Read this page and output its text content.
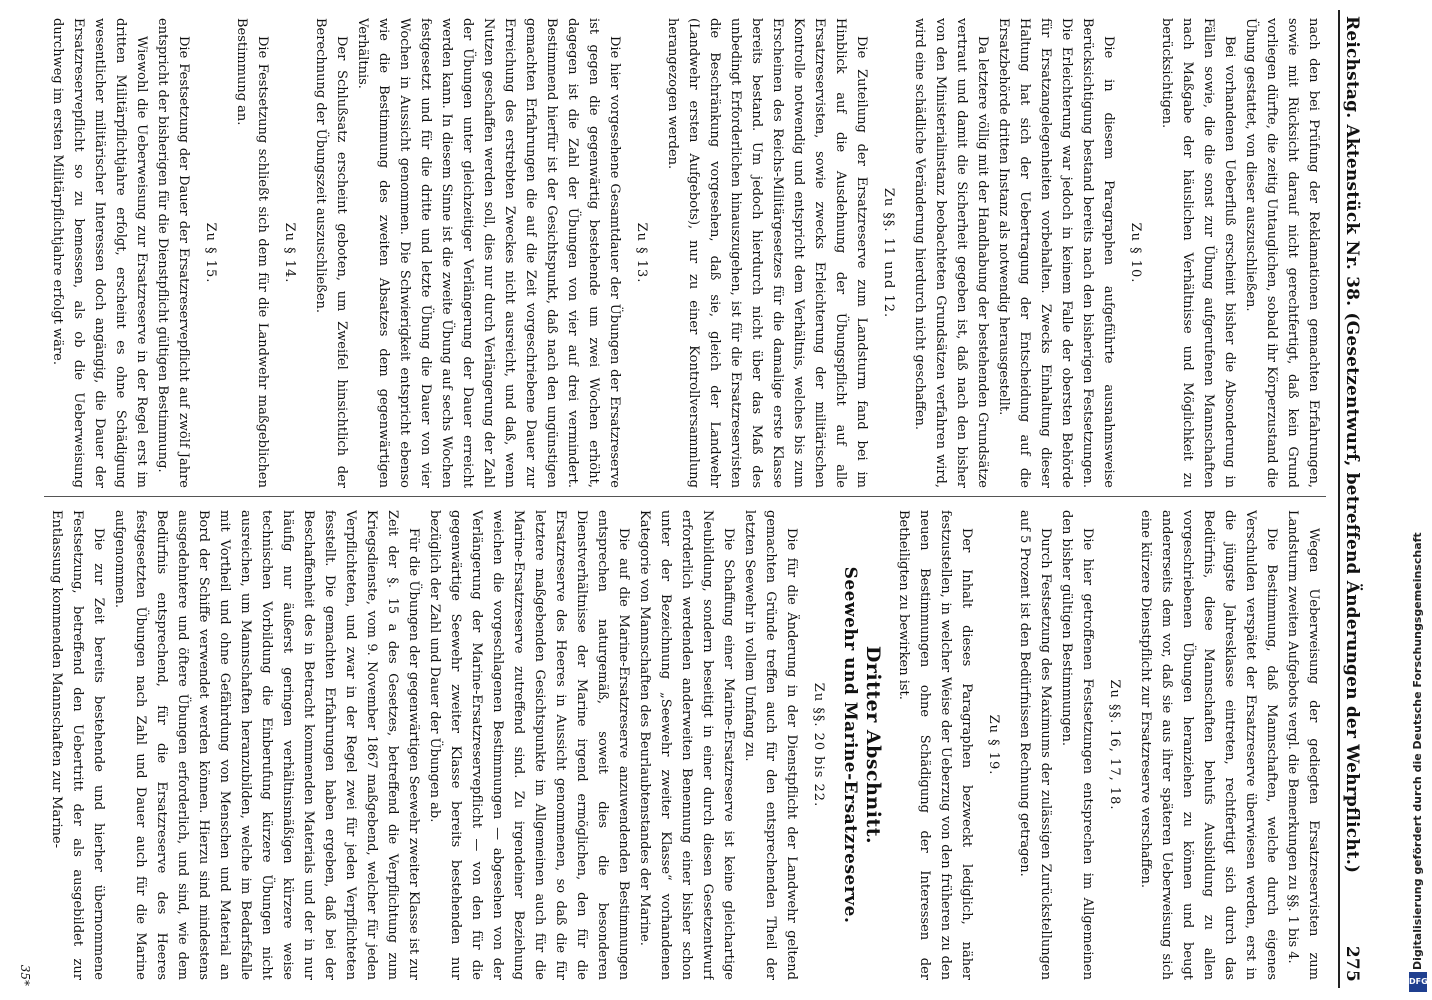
Reichstag. Aktenstück Nr. 38. (Gesetzentwurf, betreffend Änderungen der Wehrpflicht.)
275

nach den bei Prüfung der Reklamationen gemachten Erfahrungen, sowie mit Rücksicht darauf nicht gerechtfertigt, daß kein Grund vorliegen dürfte, die zeitig Untauglichen, sobald ihr Körperzustand die Übung gestattet, von dieser auszuschließen.

Bei vorhandenen Ueberfluß erscheint bisher die Absonderung in Fällen sowie, die die sonst zur Übung aufgerufenen Mannschaften nach Maßgabe der häuslichen Verhältnisse und Möglichkeit zu berücksichtigen.

Zu § 10.

Die in diesem Paragraphen aufgeführte ausnahmsweise Berücksichtigung bestand bereits nach den bisherigen Festsetzungen. Die Erleichterung war jedoch in keinem Falle der obersten Behörde für Ersatzangelegenheiten vorbehalten. Zwecks Einhaltung dieser Haltung hat sich der Uebertragung der Entscheidung auf die Ersatzbehörde dritten Instanz als notwendig herausgestellt.

Da letztere völlig mit der Handhabung der bestehenden Grundsätze vertraut und damit die Sicherheit gegeben ist, daß nach den bisher von den Ministerialinstanz beobachteten Grundsätzen verfahren wird, wird eine schädliche Veränderung hierdurch nicht geschaffen.

Zu §§. 11 und 12.

Die Zuteilung der Ersatzreserve zum Landsturm fand bei im Hinblick auf die Ausdehnung der Übungspflicht auf alle Ersatzreservisten, sowie zwecks Erleichterung der militärischen Kontrolle notwendig und entspricht dem Verhältnis, welches bis zum Erscheinen des Reichs-Militärgesetzes für die damalige erste Klasse bereits bestand. Um jedoch hierdurch nicht über das Maß des unbedingt Erforderlichen hinauszugehen, ist für die Ersatzreservisten die Beschränkung vorgesehen, daß sie, gleich der Landwehr (Landwehr ersten Aufgebots), nur zu einer Kontrollversammlung herangezogen werden.

Zu § 13.

Die hier vorgesehene Gesamtdauer der Übungen der Ersatzreserve ist gegen die gegenwärtig bestehende um zwei Wochen erhöht, dagegen ist die Zahl der Übungen von vier auf drei vermindert. Bestimmend hierfür ist der Gesichtspunkt, daß nach den ungünstigen gemachten Erfahrungen die auf die Zeit vorgeschriebene Dauer zur Erreichung des erstrebten Zweckes nicht ausreicht, und daß, wenn Nutzen geschaffen werden soll, dies nur durch Verlängerung der Zahl der Übungen unter gleichzeitiger Verlängerung der Dauer erreicht werden kann. In diesem Sinne ist die zweite Übung auf sechs Wochen festgesetzt und für die dritte und letzte Übung die Dauer von vier Wochen in Aussicht genommen. Die Schwierigkeit entspricht ebenso wie die Bestimmung des zweiten Absatzes dem gegenwärtigen Verhältnis.

Der Schlußsatz erscheint geboten, um Zweifel hinsichtlich der Berechnung der Übungszeit auszuschließen.

Zu § 14.

Die Festsetzung schließt sich dem für die Landwehr maßgeblichen Bestimmung an.

Zu § 15.

Die Festsetzung der Dauer der Ersatzreservepflicht auf zwölf Jahre entspricht der bisherigen für die Dienstpflicht gültigen Bestimmung.

Wiewohl die Ueberweisung zur Ersatzreserve in der Regel erst im dritten Militärpflichtjahre erfolgt, erscheint es ohne Schädigung wesentlicher militärischer Interessen doch angängig, die Dauer der Ersatzreservepflicht so zu bemessen, als ob die Ueberweisung durchweg im ersten Militärpflichtjahre erfolgt wäre.

Wegen Ueberweisung der gediegten Ersatzreservisten zum Landsturm zweiten Aufgebots vergl. die Bemerkungen zu §§. 1 bis 4.

Die Bestimmung, daß Mannschaften, welche durch eigenes Verschulden verspätet der Ersatzreserve überwiesen werden, erst in die jüngste Jahresklasse eintreten, rechtfertigt sich durch das Bedürfnis, diese Mannschaften behufs Ausbildung zu allen vorgeschriebenen Übungen heranziehen zu können und beugt andererseits dem vor, daß sie aus ihrer späteren Ueberweisung sich eine kürzere Dienstpflicht zur Ersatzreserve verschaffen.

Zu §§. 16, 17, 18.

Die hier getroffenen Festsetzungen entsprechen im Allgemeinen den bisher gültigen Bestimmungen.

Durch Festsetzung des Maximums der zulässigen Zurückstellungen auf 5 Prozent ist den Bedürfnissen Rechnung getragen.

Zu § 19.

Der Inhalt dieses Paragraphen bezweckt lediglich, näher festzustellen, in welcher Weise der Ueberzug von den früheren zu den neuen Bestimmungen ohne Schädigung der Interessen der Betheiligten zu bewirken ist.

Dritter Abschnitt.
Seewehr und Marine-Ersatzreserve.
Zu §§. 20 bis 22.

Die für die Änderung in der Dienstpflicht der Landwehr geltend gemachten Gründe treffen auch für den entsprechenden Theil der letzten Seewehr in vollem Umfang zu.

Die Schaffung einer Marine-Ersatzreserve ist keine gleichartige Neubildung, sondern beseitigt in einer durch diesen Gesetzentwurf erforderlich werdenden anderweiten Benennung einer bisher schon unter der Bezeichnung „Seewehr zweiter Klasse“ vorhandenen Kategorie von Mannschaften des Beurlaubtenstandes der Marine.

Die auf die Marine-Ersatzreserve anzuwendenden Bestimmungen entsprechen naturgemäß, soweit dies die besonderen Dienstverhältnisse der Marine irgend ermöglichen, den für die Ersatzreserve des Heeres in Aussicht genommenen, so daß die für letztere maßgebenden Gesichtspunkte im Allgemeinen auch für die Marine-Ersatzreserve zutreffend sind. Zu irgendeiner Beziehung weichen die vorgeschlagenen Bestimmungen — abgesehen von der Verlängerung der Marine-Ersatzreservepflicht — von den für die gegenwärtige Seewehr zweiter Klasse bereits bestehenden nur bezüglich der Zahl und Dauer der Übungen ab.

Für die Übungen der gegenwärtigen Seewehr zweiter Klasse ist zur Zeit der §. 15 a des Gesetzes, betreffend die Verpflichtung zum Kriegsdienste, vom 9. November 1867 maßgebend, welcher für jeden Verpflichteten, und zwar in der Regel zwei für jeden Verpflichteten fesstellt. Die gemachten Erfahrungen haben ergeben, daß bei der Beschaffenheit des in Betracht kommenden Materials und der in nur häufig nur äußerst geringen verhältnismäßigen kürzere weise technischen Vorbildung die Einberufung kürzere Übungen nicht ausreichen, um Mannschaften heranzubilden, welche im Bedarfsfalle mit Vortheil und ohne Gefährdung von Menschen und Material an Bord der Schiffe verwendet werden können. Hierzu sind mindestens ausgedehntere und öftere Übungen erforderlich, und sind, wie dem Bedürfnis entsprechend, für die Ersatzreserve des Heeres festgesetzten Übungen nach Zahl und Dauer auch für die Marine aufgenommen.

Die zur Zeit bereits bestehende und hierher übernommene Festsetzung, betreffend den Uebertritt der als ausgebildet zur Entlassung kommenden Mannschaften zur Marine-

35*
Digitalisierung gefördert durch die Deutsche Forschungsgemeinschaft
DFG
